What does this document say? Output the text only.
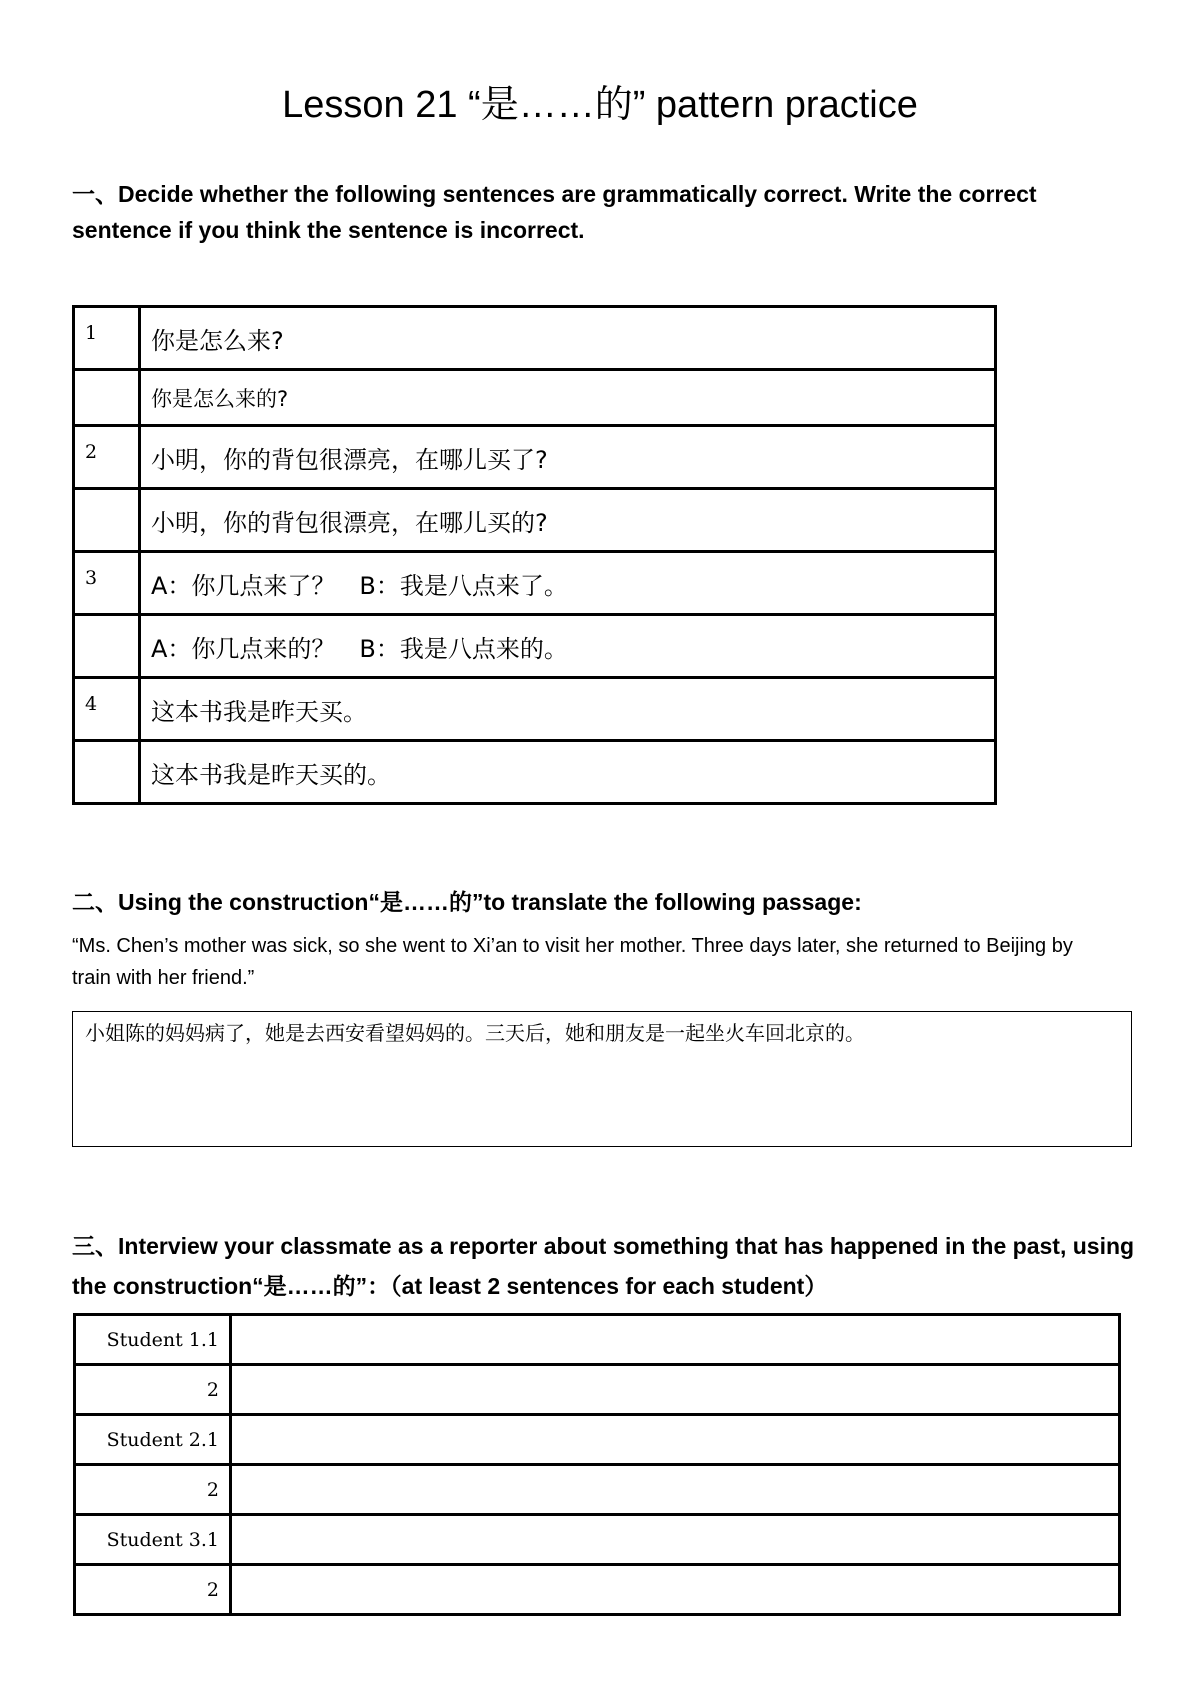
Lesson 21 “是……的” pattern practice
一、Decide whether the following sentences are grammatically correct. Write the correct sentence if you think the sentence is incorrect.
1	你是怎么来?
	你是怎么来的?
2	小明，你的背包很漂亮，在哪儿买了?
	小明，你的背包很漂亮，在哪儿买的?
3	A：你几点来了？　B：我是八点来了。
	A：你几点来的？　B：我是八点来的。
4	这本书我是昨天买。
	这本书我是昨天买的。
二、Using the construction“是……的”to translate the following passage:
“Ms. Chen’s mother was sick, so she went to Xi’an to visit her mother. Three days later, she returned to Beijing by train with her friend.”
小姐陈的妈妈病了，她是去西安看望妈妈的。三天后，她和朋友是一起坐火车回北京的。
三、Interview your classmate as a reporter about something that has happened in the past, using the construction“是……的”：（at least 2 sentences for each student）
Student 1.1	
2	
Student 2.1	
2	
Student 3.1	
2	
